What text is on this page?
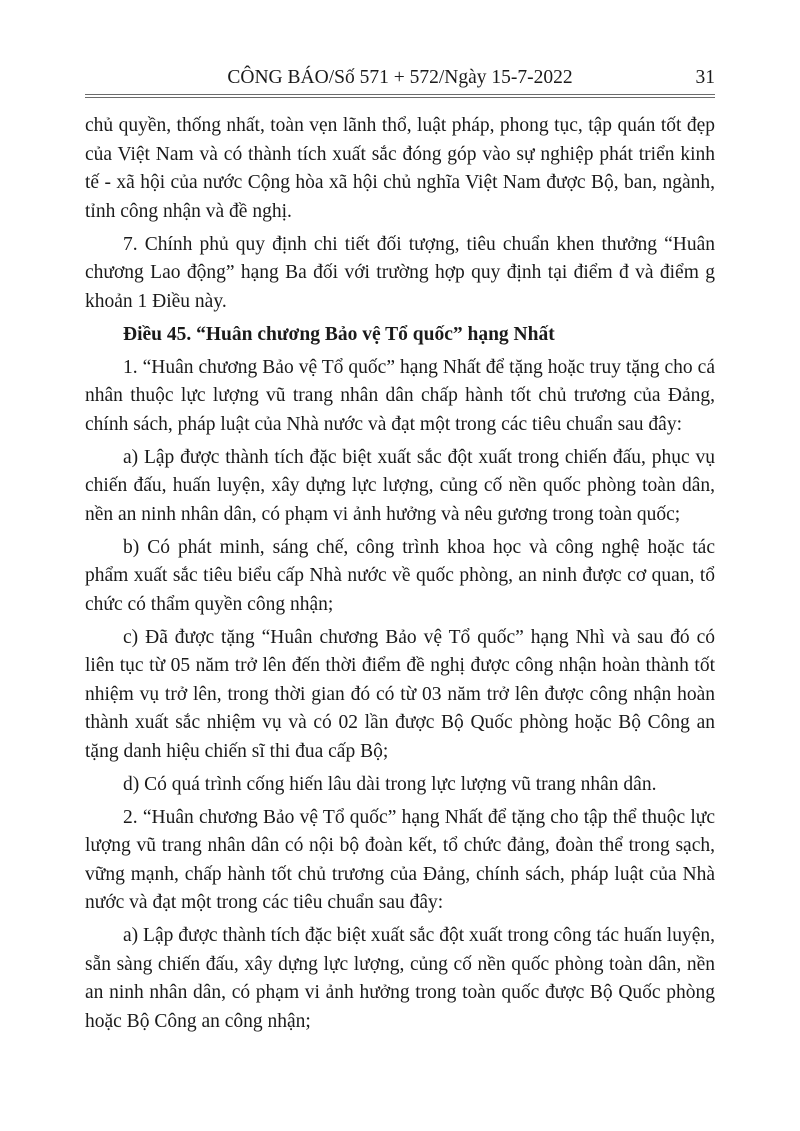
CÔNG BÁO/Số 571 + 572/Ngày 15-7-2022	31

chủ quyền, thống nhất, toàn vẹn lãnh thổ, luật pháp, phong tục, tập quán tốt đẹp của Việt Nam và có thành tích xuất sắc đóng góp vào sự nghiệp phát triển kinh tế - xã hội của nước Cộng hòa xã hội chủ nghĩa Việt Nam được Bộ, ban, ngành, tỉnh công nhận và đề nghị.

7. Chính phủ quy định chi tiết đối tượng, tiêu chuẩn khen thưởng “Huân chương Lao động” hạng Ba đối với trường hợp quy định tại điểm đ và điểm g khoản 1 Điều này.

Điều 45. “Huân chương Bảo vệ Tổ quốc” hạng Nhất

1. “Huân chương Bảo vệ Tổ quốc” hạng Nhất để tặng hoặc truy tặng cho cá nhân thuộc lực lượng vũ trang nhân dân chấp hành tốt chủ trương của Đảng, chính sách, pháp luật của Nhà nước và đạt một trong các tiêu chuẩn sau đây:

a) Lập được thành tích đặc biệt xuất sắc đột xuất trong chiến đấu, phục vụ chiến đấu, huấn luyện, xây dựng lực lượng, củng cố nền quốc phòng toàn dân, nền an ninh nhân dân, có phạm vi ảnh hưởng và nêu gương trong toàn quốc;

b) Có phát minh, sáng chế, công trình khoa học và công nghệ hoặc tác phẩm xuất sắc tiêu biểu cấp Nhà nước về quốc phòng, an ninh được cơ quan, tổ chức có thẩm quyền công nhận;

c) Đã được tặng “Huân chương Bảo vệ Tổ quốc” hạng Nhì và sau đó có liên tục từ 05 năm trở lên đến thời điểm đề nghị được công nhận hoàn thành tốt nhiệm vụ trở lên, trong thời gian đó có từ 03 năm trở lên được công nhận hoàn thành xuất sắc nhiệm vụ và có 02 lần được Bộ Quốc phòng hoặc Bộ Công an tặng danh hiệu chiến sĩ thi đua cấp Bộ;

d) Có quá trình cống hiến lâu dài trong lực lượng vũ trang nhân dân.

2. “Huân chương Bảo vệ Tổ quốc” hạng Nhất để tặng cho tập thể thuộc lực lượng vũ trang nhân dân có nội bộ đoàn kết, tổ chức đảng, đoàn thể trong sạch, vững mạnh, chấp hành tốt chủ trương của Đảng, chính sách, pháp luật của Nhà nước và đạt một trong các tiêu chuẩn sau đây:

a) Lập được thành tích đặc biệt xuất sắc đột xuất trong công tác huấn luyện, sẵn sàng chiến đấu, xây dựng lực lượng, củng cố nền quốc phòng toàn dân, nền an ninh nhân dân, có phạm vi ảnh hưởng trong toàn quốc được Bộ Quốc phòng hoặc Bộ Công an công nhận;
